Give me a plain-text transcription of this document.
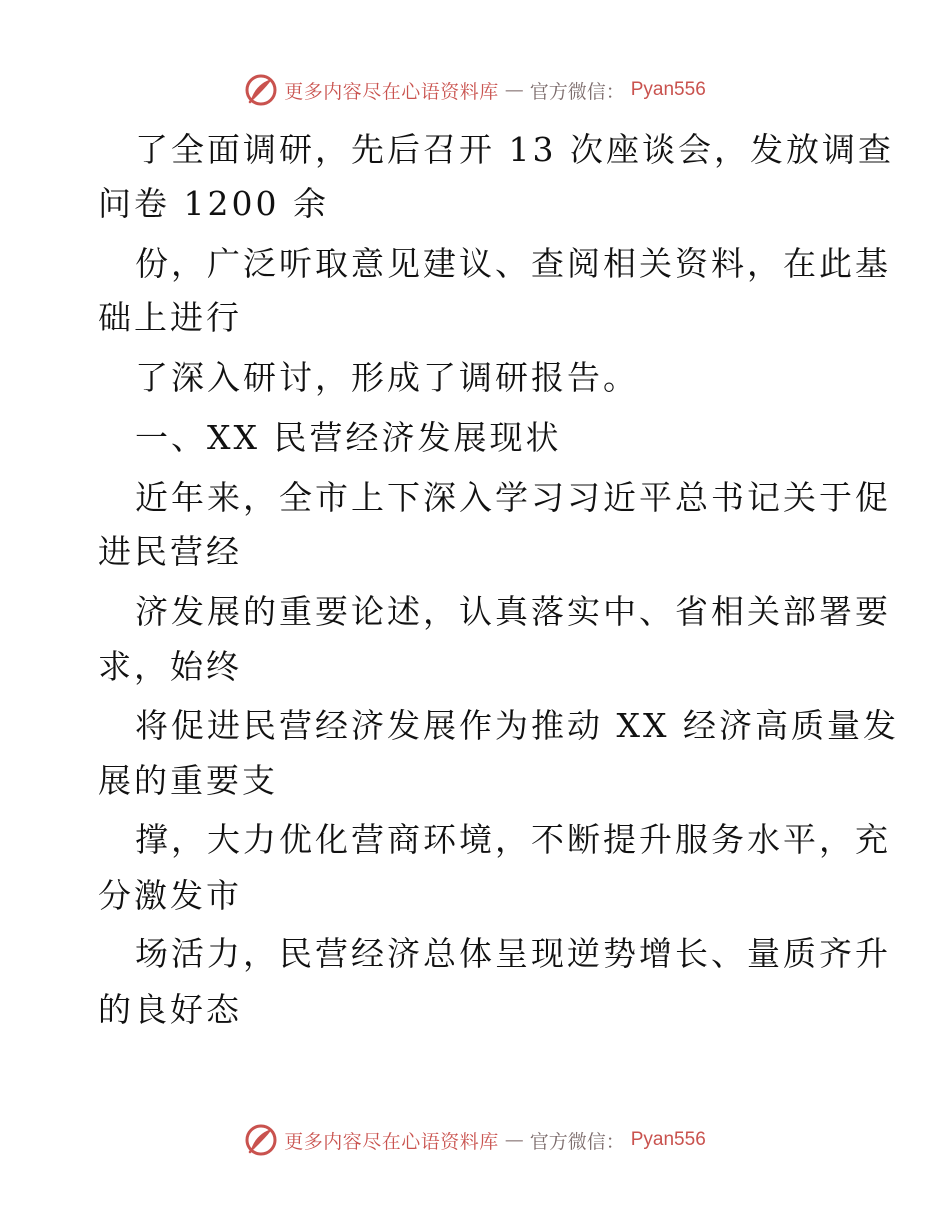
更多内容尽在心语资料库 — 官方微信： Pyan556
了全面调研，先后召开 13 次座谈会，发放调查
问卷 1200 余
份，广泛听取意见建议、查阅相关资料，在此基
础上进行
了深入研讨，形成了调研报告。
一、XX 民营经济发展现状
近年来，全市上下深入学习习近平总书记关于促
进民营经
济发展的重要论述，认真落实中、省相关部署要
求，始终
将促进民营经济发展作为推动 XX 经济高质量发
展的重要支
撑，大力优化营商环境，不断提升服务水平，充
分激发市
场活力，民营经济总体呈现逆势增长、量质齐升
的良好态
更多内容尽在心语资料库 — 官方微信： Pyan556
